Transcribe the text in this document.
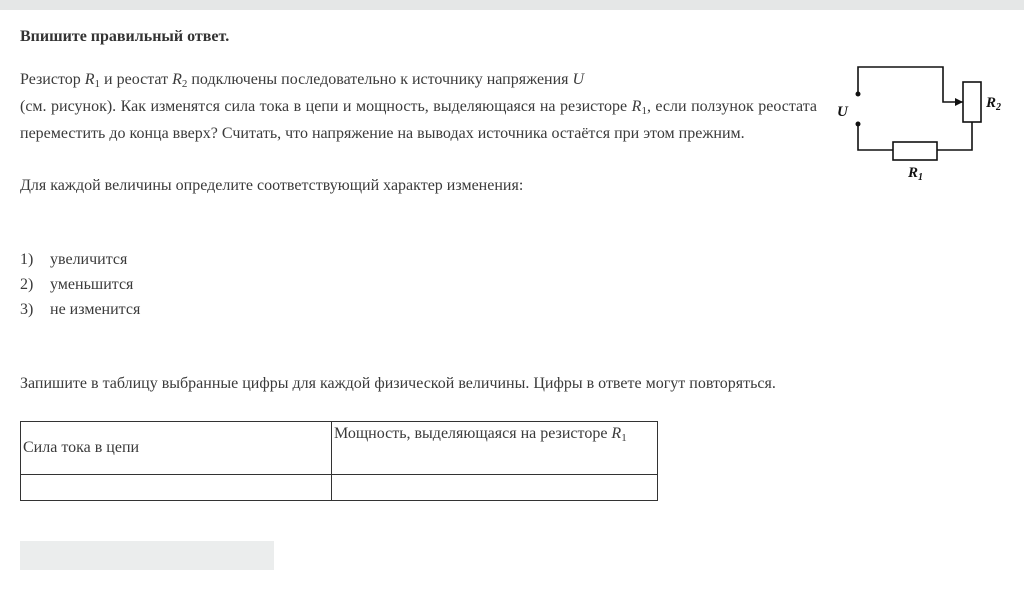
Впишите правильный ответ.

Резистор $R_1$ и реостат $R_2$ подключены последовательно к источнику напряжения U
(см. рисунок). Как изменятся сила тока в цепи и мощность, выделяющаяся на резисторе $R_1$, если ползунок реостата переместить до конца вверх? Считать, что напряжение на выводах источника остаётся при этом прежним.

Для каждой величины определите соответствующий характер изменения:
1) увеличится
2) уменьшится
3) не изменится
Запишите в таблицу выбранные цифры для каждой физической величины. Цифры в ответе могут повторяться.
Сила тока в цепи	Мощность, выделяющаяся на резисторе $R_1$

U
$R_2$
$R_1$
